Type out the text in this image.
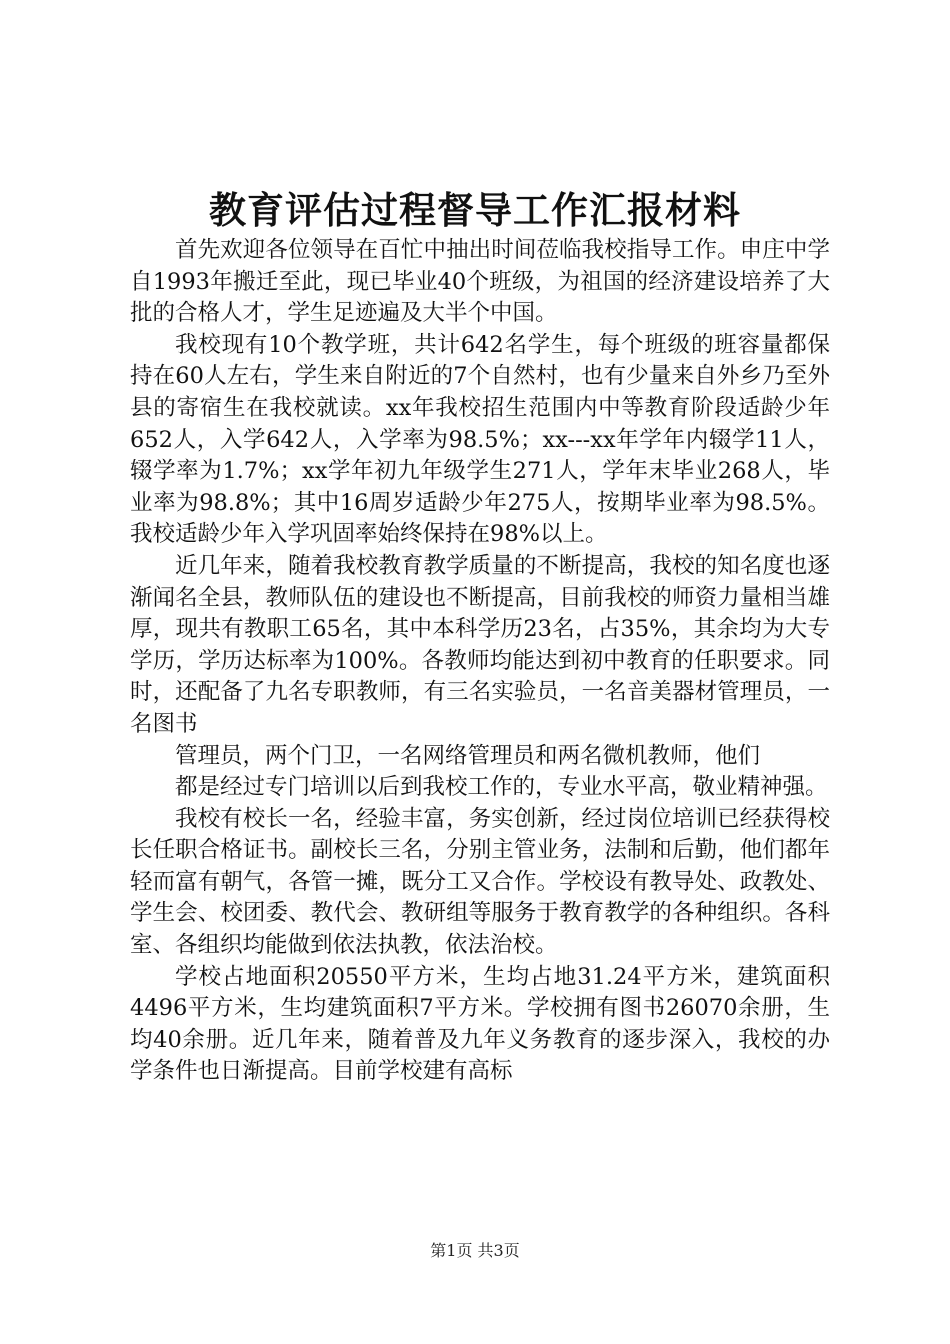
教育评估过程督导工作汇报材料

首先欢迎各位领导在百忙中抽出时间莅临我校指导工作。申庄中学自1993年搬迁至此，现已毕业40个班级，为祖国的经济建设培养了大批的合格人才，学生足迹遍及大半个中国。

我校现有10个教学班，共计642名学生，每个班级的班容量都保持在60人左右，学生来自附近的7个自然村，也有少量来自外乡乃至外县的寄宿生在我校就读。xx年我校招生范围内中等教育阶段适龄少年652人，入学642人，入学率为98.5%；xx---xx年学年内辍学11人，辍学率为1.7%；xx学年初九年级学生271人，学年末毕业268人，毕业率为98.8%；其中16周岁适龄少年275人，按期毕业率为98.5%。我校适龄少年入学巩固率始终保持在98%以上。

近几年来，随着我校教育教学质量的不断提高，我校的知名度也逐渐闻名全县，教师队伍的建设也不断提高，目前我校的师资力量相当雄厚，现共有教职工65名，其中本科学历23名，占35%，其余均为大专学历，学历达标率为100%。各教师均能达到初中教育的任职要求。同时，还配备了九名专职教师，有三名实验员，一名音美器材管理员，一名图书

管理员，两个门卫，一名网络管理员和两名微机教师，他们

都是经过专门培训以后到我校工作的，专业水平高，敬业精神强。

我校有校长一名，经验丰富，务实创新，经过岗位培训已经获得校长任职合格证书。副校长三名，分别主管业务，法制和后勤，他们都年轻而富有朝气，各管一摊，既分工又合作。学校设有教导处、政教处、学生会、校团委、教代会、教研组等服务于教育教学的各种组织。各科室、各组织均能做到依法执教，依法治校。

学校占地面积20550平方米，生均占地31.24平方米，建筑面积4496平方米，生均建筑面积7平方米。学校拥有图书26070余册，生均40余册。近几年来，随着普及九年义务教育的逐步深入，我校的办学条件也日渐提高。目前学校建有高标

第1页 共3页
